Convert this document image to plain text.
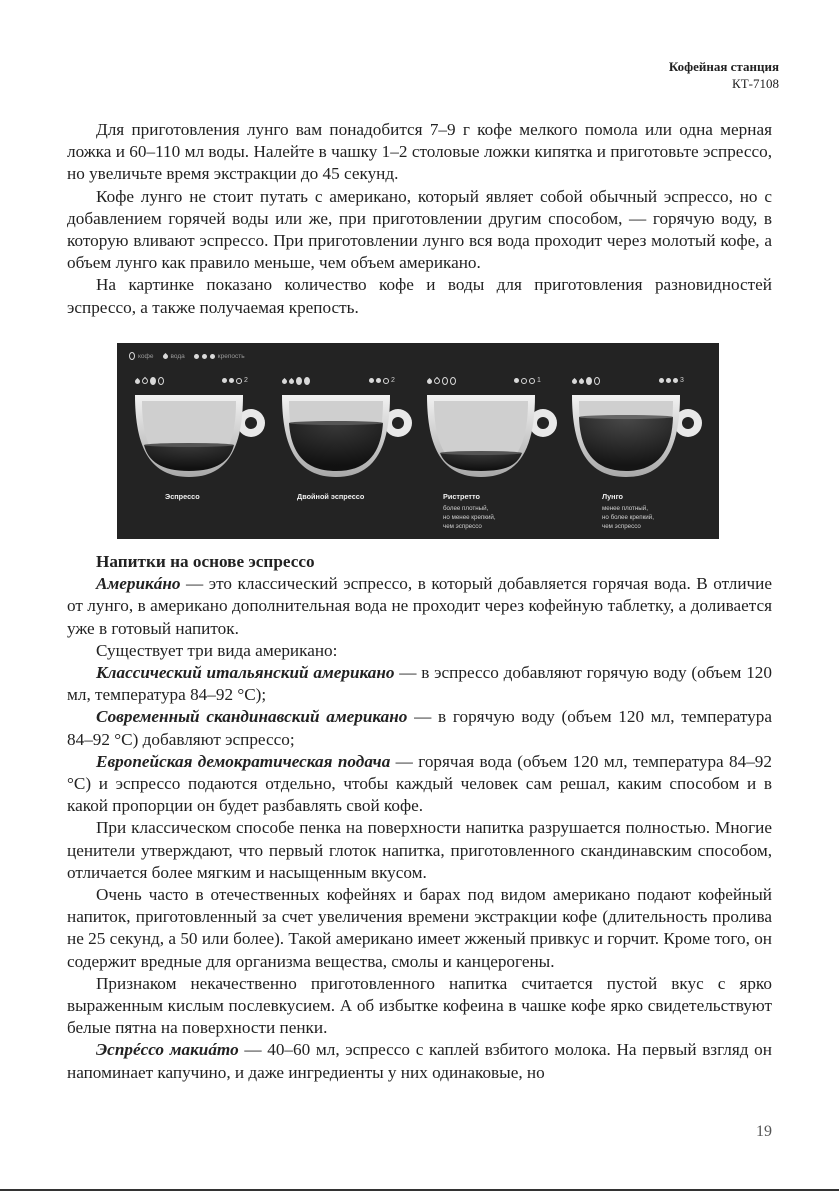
Кофейная станция
КТ-7108

Для приготовления лунго вам понадобится 7–9 г кофе мелкого помола или одна мерная ложка и 60–110 мл воды. Налейте в чашку 1–2 столовые ложки кипятка и приготовьте эспрессо, но увеличьте время экстракции до 45 секунд.

Кофе лунго не стоит путать с американо, который являет собой обычный эспрессо, но с добавлением горячей воды или же, при приготовлении другим способом, — горячую воду, в которую вливают эспрессо. При приготовлении лунго вся вода проходит через молотый кофе, а объем лунго как правило меньше, чем объем американо.

На картинке показано количество кофе и воды для приготовления разновидностей эспрессо, а также получаемая крепость.

кофе	вода	крепость
2
Эспрессо
2
Двойной эспрессо
1
Ристретто
более плотный,
но менее крепкий,
чем эспрессо
3
Лунго
менее плотный,
но более крепкий,
чем эспрессо
Напитки на основе эспрессо

Америкáно — это классический эспрессо, в который добавляется горячая вода. В отличие от лунго, в американо дополнительная вода не проходит через кофейную таблетку, а доливается уже в готовый напиток.

Существует три вида американо:

Классический итальянский американо — в эспрессо добавляют горячую воду (объем 120 мл, температура 84–92 °C);

Современный скандинавский американо — в горячую воду (объем 120 мл, температура 84–92 °C) добавляют эспрессо;

Европейская демократическая подача — горячая вода (объем 120 мл, температура 84–92 °C) и эспрессо подаются отдельно, чтобы каждый человек сам решал, каким способом и в какой пропорции он будет разбавлять свой кофе.

При классическом способе пенка на поверхности напитка разрушается полностью. Многие ценители утверждают, что первый глоток напитка, приготовленного скандинавским способом, отличается более мягким и насыщенным вкусом.

Очень часто в отечественных кофейнях и барах под видом американо подают кофейный напиток, приготовленный за счет увеличения времени экстракции кофе (длительность пролива не 25 секунд, а 50 или более). Такой американо имеет жженый привкус и горчит. Кроме того, он содержит вредные для организма вещества, смолы и канцерогены.

Признаком некачественно приготовленного напитка считается пустой вкус с ярко выраженным кислым послевкусием. А об избытке кофеина в чашке кофе ярко свидетельствуют белые пятна на поверхности пенки.

Эспрéссо макиáто — 40–60 мл, эспрессо с каплей взбитого молока. На первый взгляд он напоминает капучино, и даже ингредиенты у них одинаковые, но

19
